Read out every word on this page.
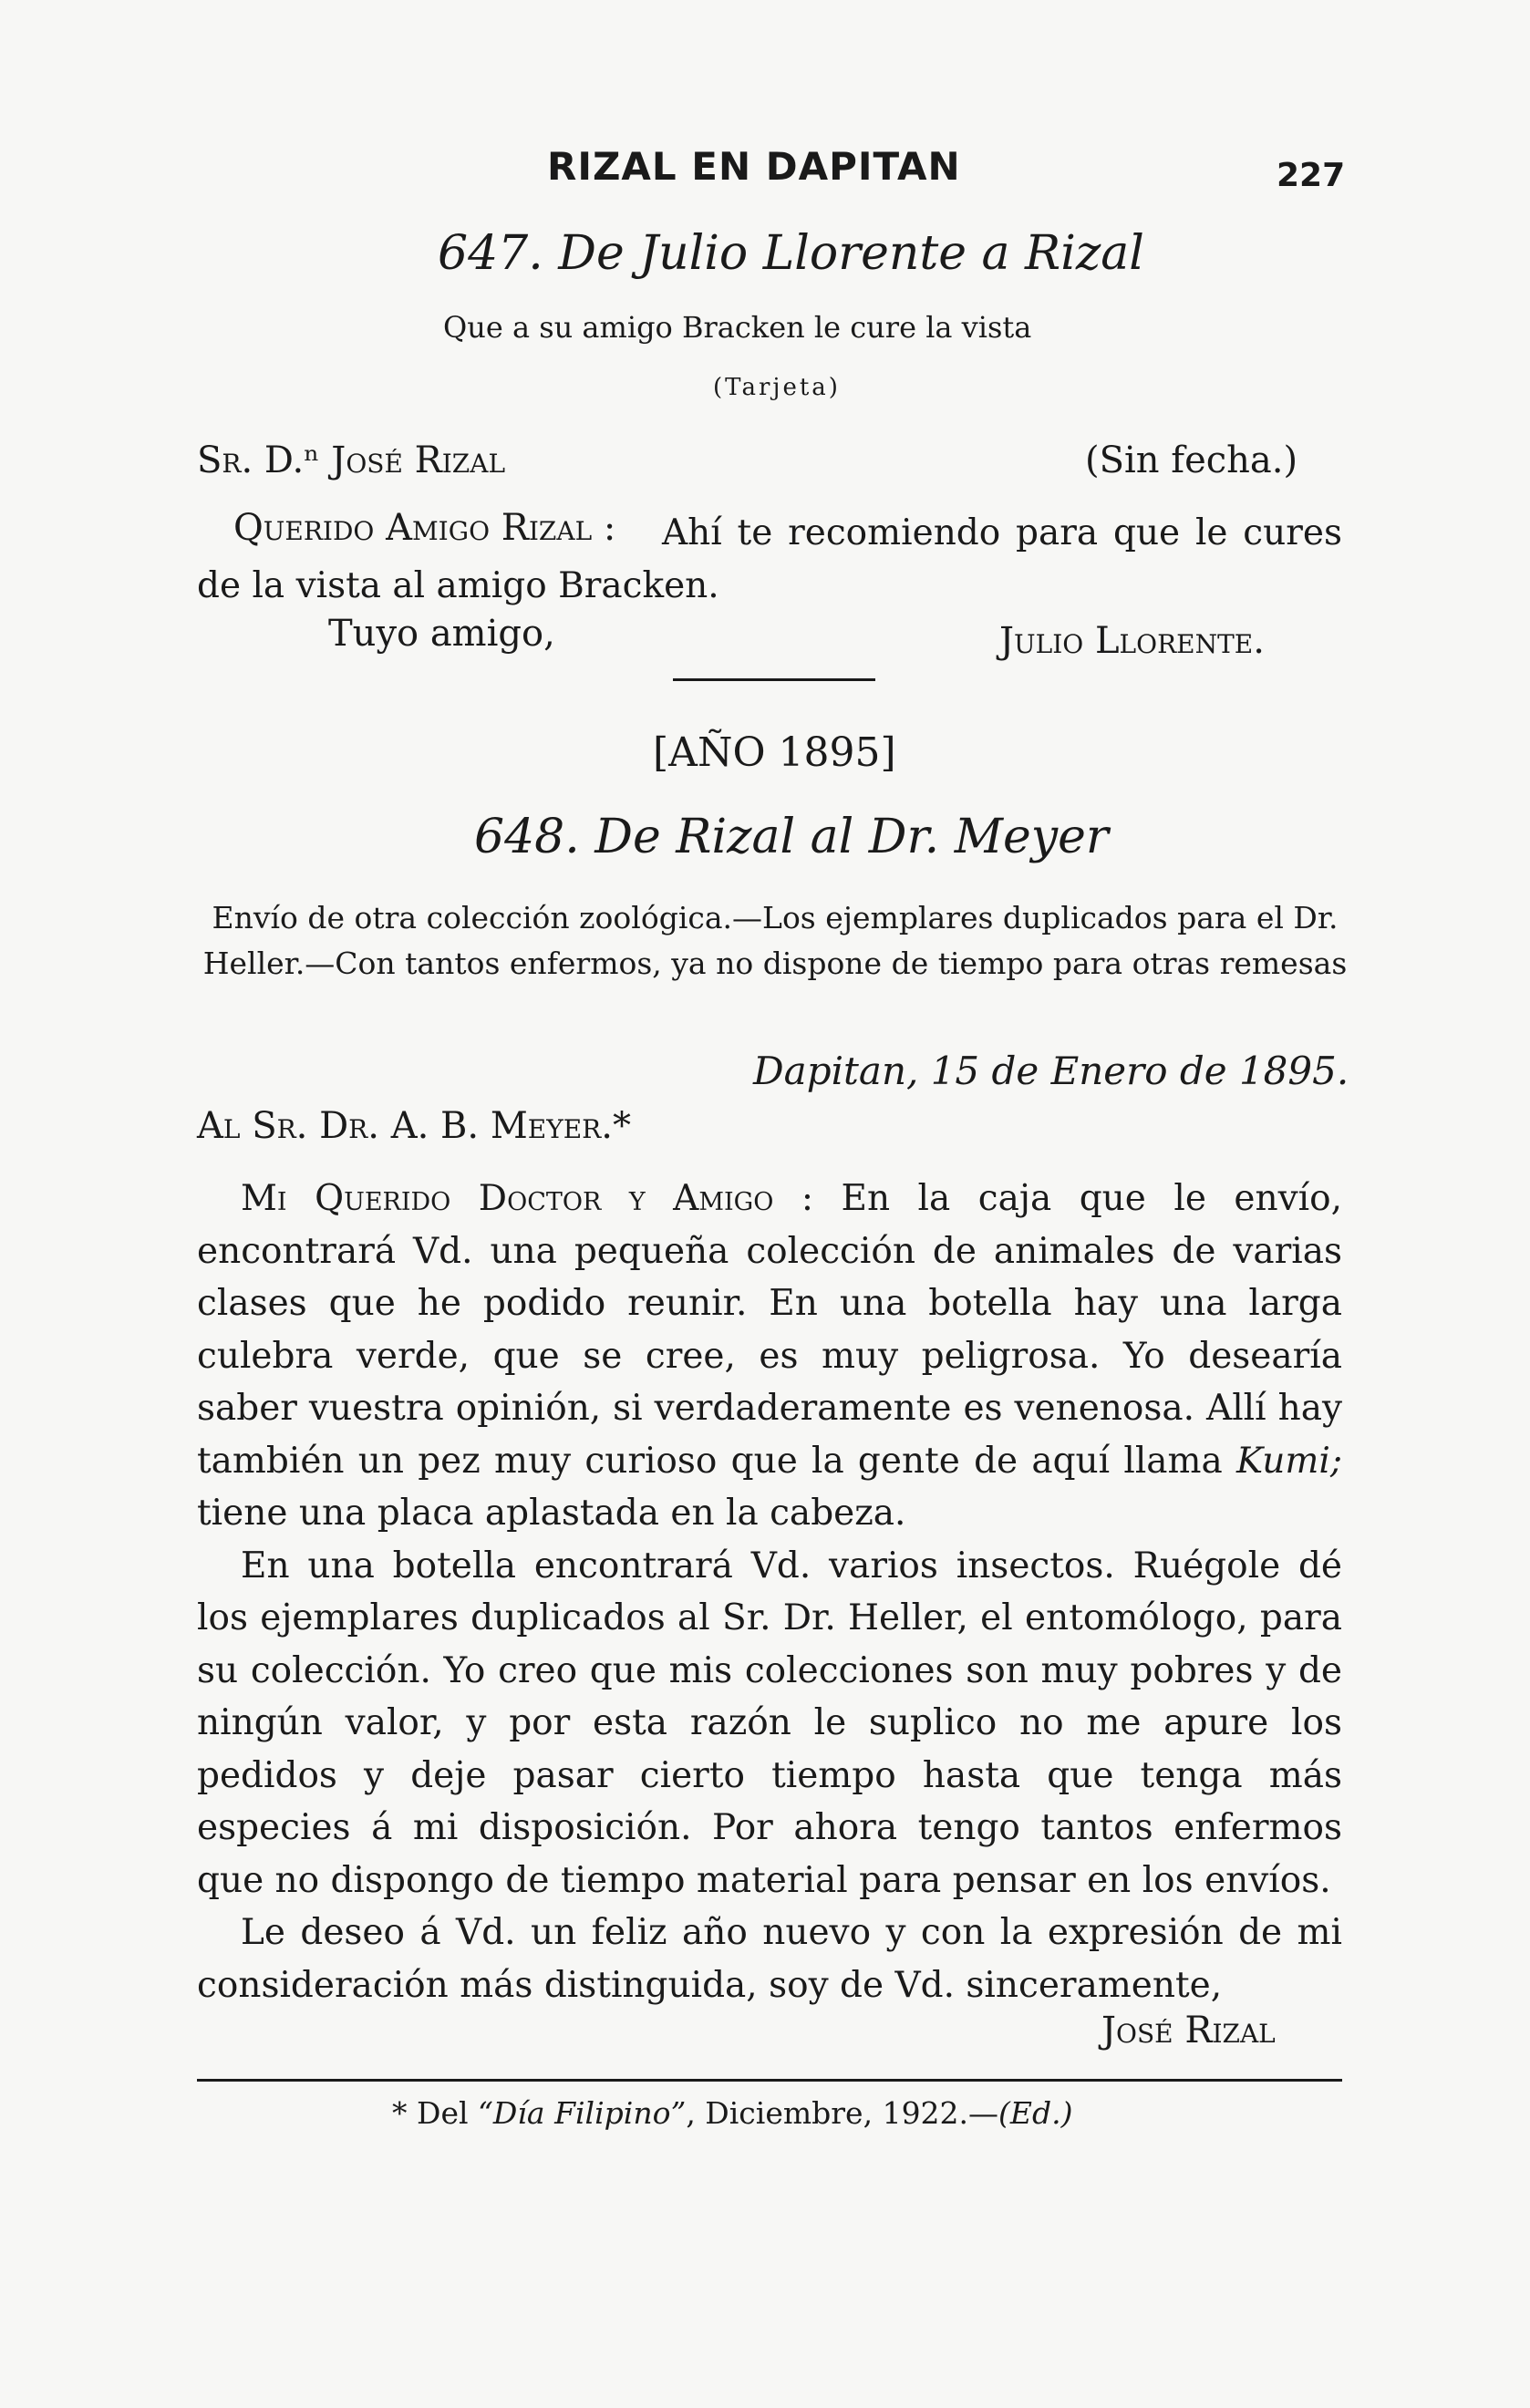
RIZAL EN DAPITAN	227
647. De Julio Llorente a Rizal
Que a su amigo Bracken le cure la vista
(Tarjeta)
Sr. D.ⁿ José Rizal	(Sin fecha.)
Querido Amigo Rizal :	Ahí te recomiendo para que le cures de la vista al amigo Bracken.

Tuyo amigo,	Julio Llorente.
[AÑO 1895]
648. De Rizal al Dr. Meyer
Envío de otra colección zoológica.—Los ejemplares duplicados para el Dr. Heller.—Con tantos enfermos, ya no dispone de tiempo para otras remesas
Dapitan, 15 de Enero de 1895.
Al Sr. Dr. A. B. Meyer.*

Mi Querido Doctor y Amigo : En la caja que le envío, encontrará Vd. una pequeña colección de animales de varias clases que he podido reunir. En una botella hay una larga culebra verde, que se cree, es muy peligrosa. Yo desearía saber vuestra opinión, si verdaderamente es venenosa. Allí hay también un pez muy curioso que la gente de aquí llama Kumi; tiene una placa aplastada en la cabeza.

En una botella encontrará Vd. varios insectos. Ruégole dé los ejemplares duplicados al Sr. Dr. Heller, el entomólogo, para su colección. Yo creo que mis colecciones son muy pobres y de ningún valor, y por esta razón le suplico no me apure los pedidos y deje pasar cierto tiempo hasta que tenga más especies á mi disposición. Por ahora tengo tantos enfermos que no dispongo de tiempo material para pensar en los envíos.

Le deseo á Vd. un feliz año nuevo y con la expresión de mi consideración más distinguida, soy de Vd. sinceramente,

José Rizal
* Del “Día Filipino”, Diciembre, 1922.—(Ed.)
